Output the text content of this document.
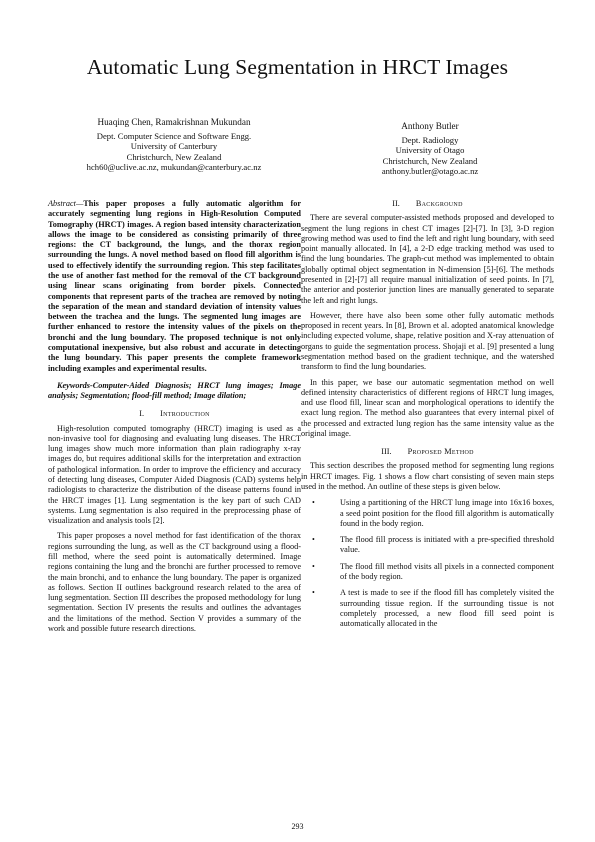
Automatic Lung Segmentation in HRCT Images
Huaqing Chen, Ramakrishnan Mukundan
Dept. Computer Science and Software Engg.
University of Canterbury
Christchurch, New Zealand
hch60@uclive.ac.nz, mukundan@canterbury.ac.nz
Anthony Butler
Dept. Radiology
University of Otago
Christchurch, New Zealand
anthony.butler@otago.ac.nz

Abstract—This paper proposes a fully automatic algorithm for accurately segmenting lung regions in High-Resolution Computed Tomography (HRCT) images. A region based intensity characterization allows the image to be considered as consisting primarily of three regions: the CT background, the lungs, and the thorax region surrounding the lungs. A novel method based on flood fill algorithm is used to effectively identify the surrounding region. This step facilitates the use of another fast method for the removal of the CT background using linear scans originating from border pixels. Connected components that represent parts of the trachea are removed by noting the separation of the mean and standard deviation of intensity values between the trachea and the lungs. The segmented lung images are further enhanced to restore the intensity values of the pixels on the bronchi and the lung boundary. The proposed technique is not only computational inexpensive, but also robust and accurate in detecting the lung boundary. This paper presents the complete framework including examples and experimental results.

Keywords-Computer-Aided Diagnosis; HRCT lung images; Image analysis; Segmentation; flood-fill method; Image dilation;

I. Introduction

High-resolution computed tomography (HRCT) imaging is used as a non-invasive tool for diagnosing and evaluating lung diseases. The HRCT lung images show much more information than plain radiography x-ray images do, but requires additional skills for the interpretation and extraction of pathological information. In order to improve the efficiency and accuracy of detecting lung diseases, Computer Aided Diagnosis (CAD) systems help radiologists to characterize the distribution of the disease patterns found in the HRCT images [1]. Lung segmentation is the key part of such CAD systems. Lung segmentation is also required in the preprocessing phase of visualization and analysis tools [2].

This paper proposes a novel method for fast identification of the thorax regions surrounding the lung, as well as the CT background using a flood-fill method, where the seed point is automatically determined. Image regions containing the lung and the bronchi are further processed to remove the main bronchi, and to enhance the lung boundary. The paper is organized as follows. Section II outlines background research related to the area of lung segmentation. Section III describes the proposed methodology for lung segmentation. Section IV presents the results and outlines the advantages and the limitations of the method. Section V provides a summary of the work and possible future research directions.

II. Background

There are several computer-assisted methods proposed and developed to segment the lung regions in chest CT images [2]-[7]. In [3], 3-D region growing method was used to find the left and right lung boundary, with seed point manually allocated. In [4], a 2-D edge tracking method was used to find the lung boundaries. The graph-cut method was implemented to obtain globally optimal object segmentation in N-dimension [5]-[6]. The methods presented in [2]-[7] all require manual initialization of seed points. In [7], the anterior and posterior junction lines are manually generated to separate the left and right lungs.

However, there have also been some other fully automatic methods proposed in recent years. In [8], Brown et al. adopted anatomical knowledge including expected volume, shape, relative position and X-ray attenuation of organs to guide the segmentation process. Shojaji et al. [9] presented a lung segmentation method based on the gradient technique, and the watershed transform to find the lung boundaries.

In this paper, we base our automatic segmentation method on well defined intensity characteristics of different regions of HRCT lung images, and use flood fill, linear scan and morphological operations to identify the exact lung region. The method also guarantees that every internal pixel of the processed and extracted lung region has the same intensity value as the original image.

III. Proposed Method

This section describes the proposed method for segmenting lung regions in HRCT images. Fig. 1 shows a flow chart consisting of seven main steps used in the method. An outline of these steps is given below.

•	Using a partitioning of the HRCT lung image into 16x16 boxes, a seed point position for the flood fill algorithm is automatically found in the body region.
•	The flood fill process is initiated with a pre-specified threshold value.
•	The flood fill method visits all pixels in a connected component of the body region.
•	A test is made to see if the flood fill has completely visited the surrounding tissue region. If the surrounding tissue is not completely processed, a new flood fill seed point is automatically allocated in the
293
